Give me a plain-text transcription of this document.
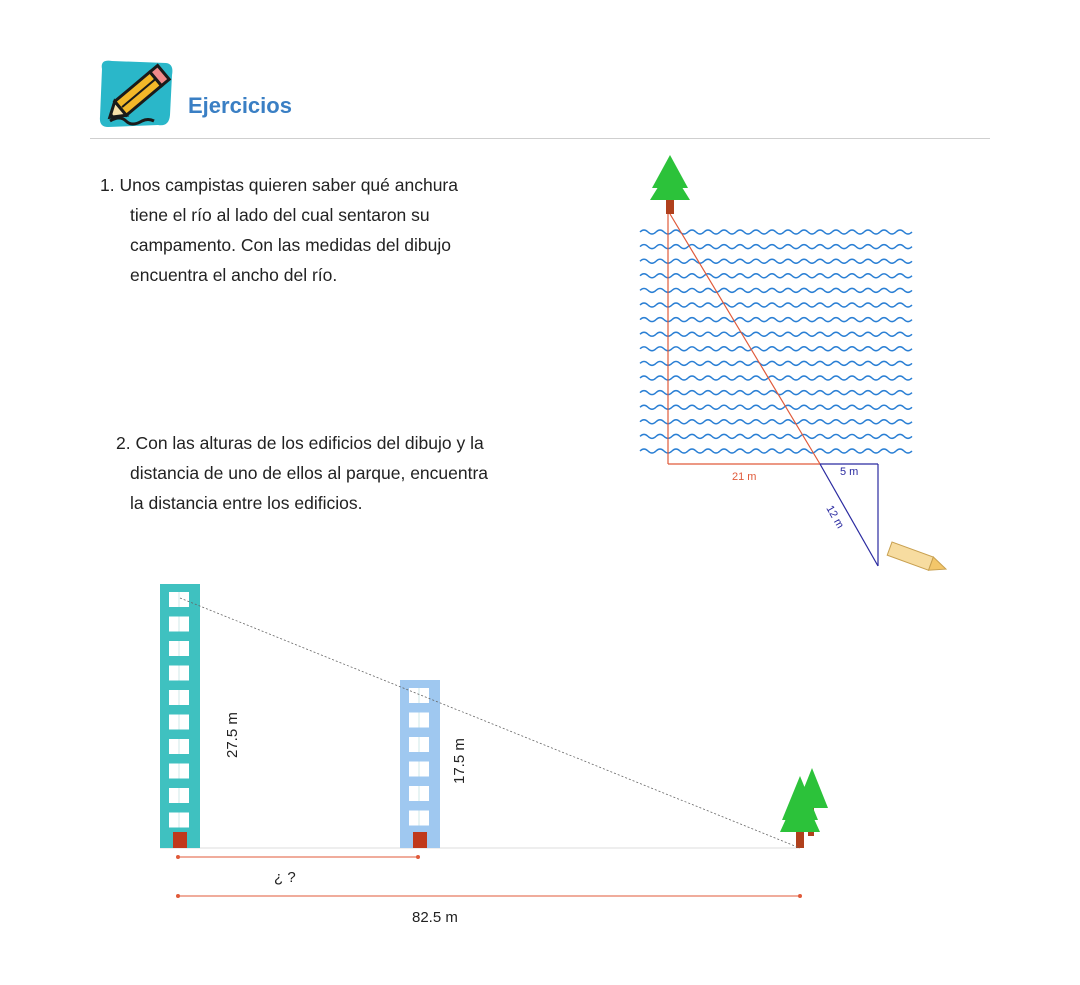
Ejercicios
1. Unos campistas quieren saber qué anchura
tiene el río al lado del cual sentaron su
campamento. Con las medidas del dibujo
encuentra el ancho del río.
2. Con las alturas de los edificios del dibujo y la
distancia de uno de ellos al parque, encuentra
la distancia entre los edificios.
21 m	5 m
12 m
27.5 m
17.5 m
¿ ?
82.5 m
